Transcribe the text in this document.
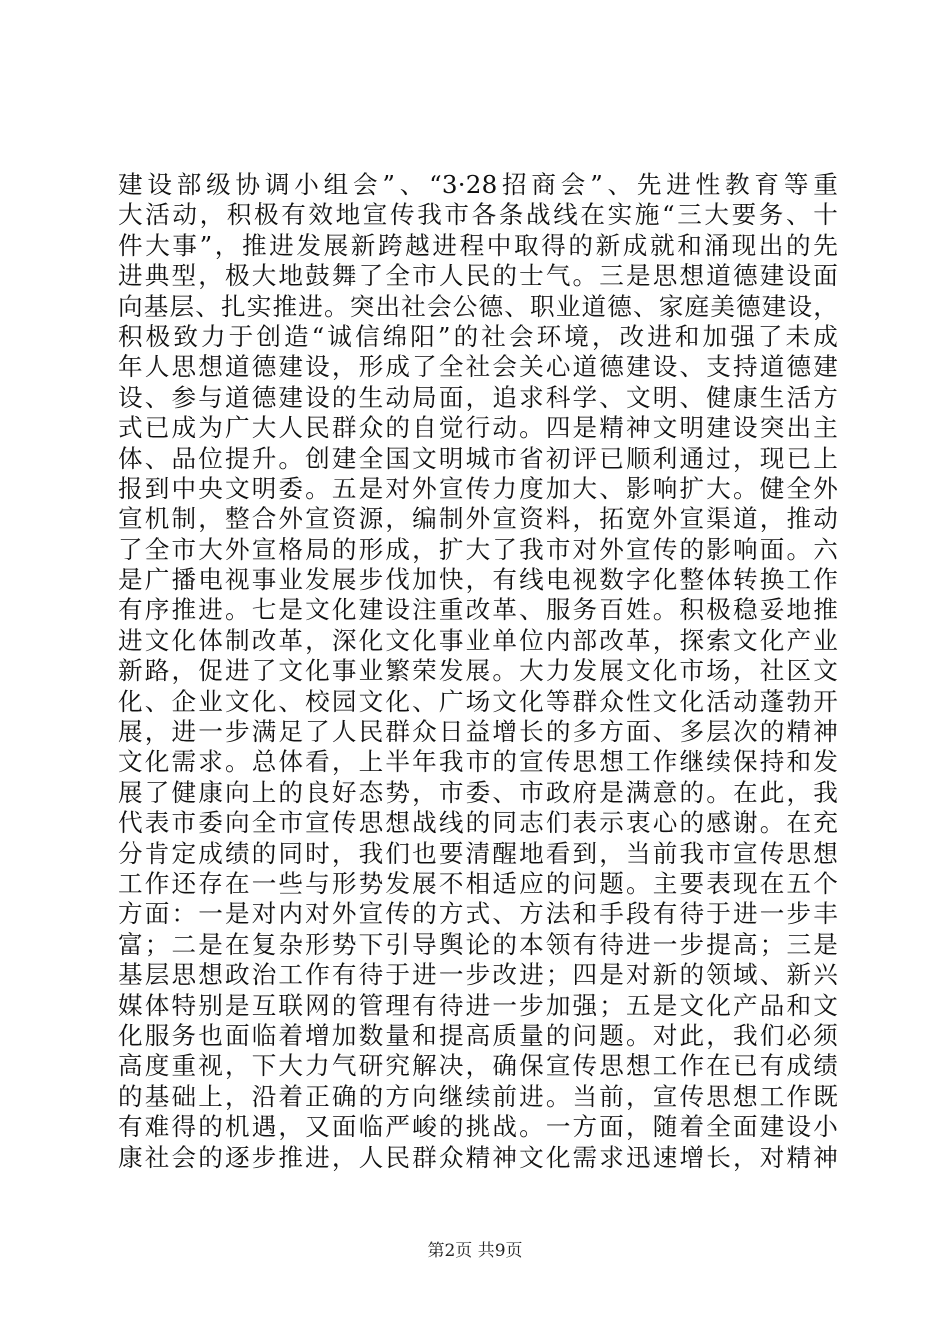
建设部级协调小组会”、“3·28招商会”、先进性教育等重
大活动，积极有效地宣传我市各条战线在实施“三大要务、十
件大事”，推进发展新跨越进程中取得的新成就和涌现出的先
进典型，极大地鼓舞了全市人民的士气。三是思想道德建设面
向基层、扎实推进。突出社会公德、职业道德、家庭美德建设，
积极致力于创造“诚信绵阳”的社会环境，改进和加强了未成
年人思想道德建设，形成了全社会关心道德建设、支持道德建
设、参与道德建设的生动局面，追求科学、文明、健康生活方
式已成为广大人民群众的自觉行动。四是精神文明建设突出主
体、品位提升。创建全国文明城市省初评已顺利通过，现已上
报到中央文明委。五是对外宣传力度加大、影响扩大。健全外
宣机制，整合外宣资源，编制外宣资料，拓宽外宣渠道，推动
了全市大外宣格局的形成，扩大了我市对外宣传的影响面。六
是广播电视事业发展步伐加快，有线电视数字化整体转换工作
有序推进。七是文化建设注重改革、服务百姓。积极稳妥地推
进文化体制改革，深化文化事业单位内部改革，探索文化产业
新路，促进了文化事业繁荣发展。大力发展文化市场，社区文
化、企业文化、校园文化、广场文化等群众性文化活动蓬勃开
展，进一步满足了人民群众日益增长的多方面、多层次的精神
文化需求。总体看，上半年我市的宣传思想工作继续保持和发
展了健康向上的良好态势，市委、市政府是满意的。在此，我
代表市委向全市宣传思想战线的同志们表示衷心的感谢。在充
分肯定成绩的同时，我们也要清醒地看到，当前我市宣传思想
工作还存在一些与形势发展不相适应的问题。主要表现在五个
方面：一是对内对外宣传的方式、方法和手段有待于进一步丰
富；二是在复杂形势下引导舆论的本领有待进一步提高；三是
基层思想政治工作有待于进一步改进；四是对新的领域、新兴
媒体特别是互联网的管理有待进一步加强；五是文化产品和文
化服务也面临着增加数量和提高质量的问题。对此，我们必须
高度重视，下大力气研究解决，确保宣传思想工作在已有成绩
的基础上，沿着正确的方向继续前进。当前，宣传思想工作既
有难得的机遇，又面临严峻的挑战。一方面，随着全面建设小
康社会的逐步推进，人民群众精神文化需求迅速增长，对精神
第2页 共9页
